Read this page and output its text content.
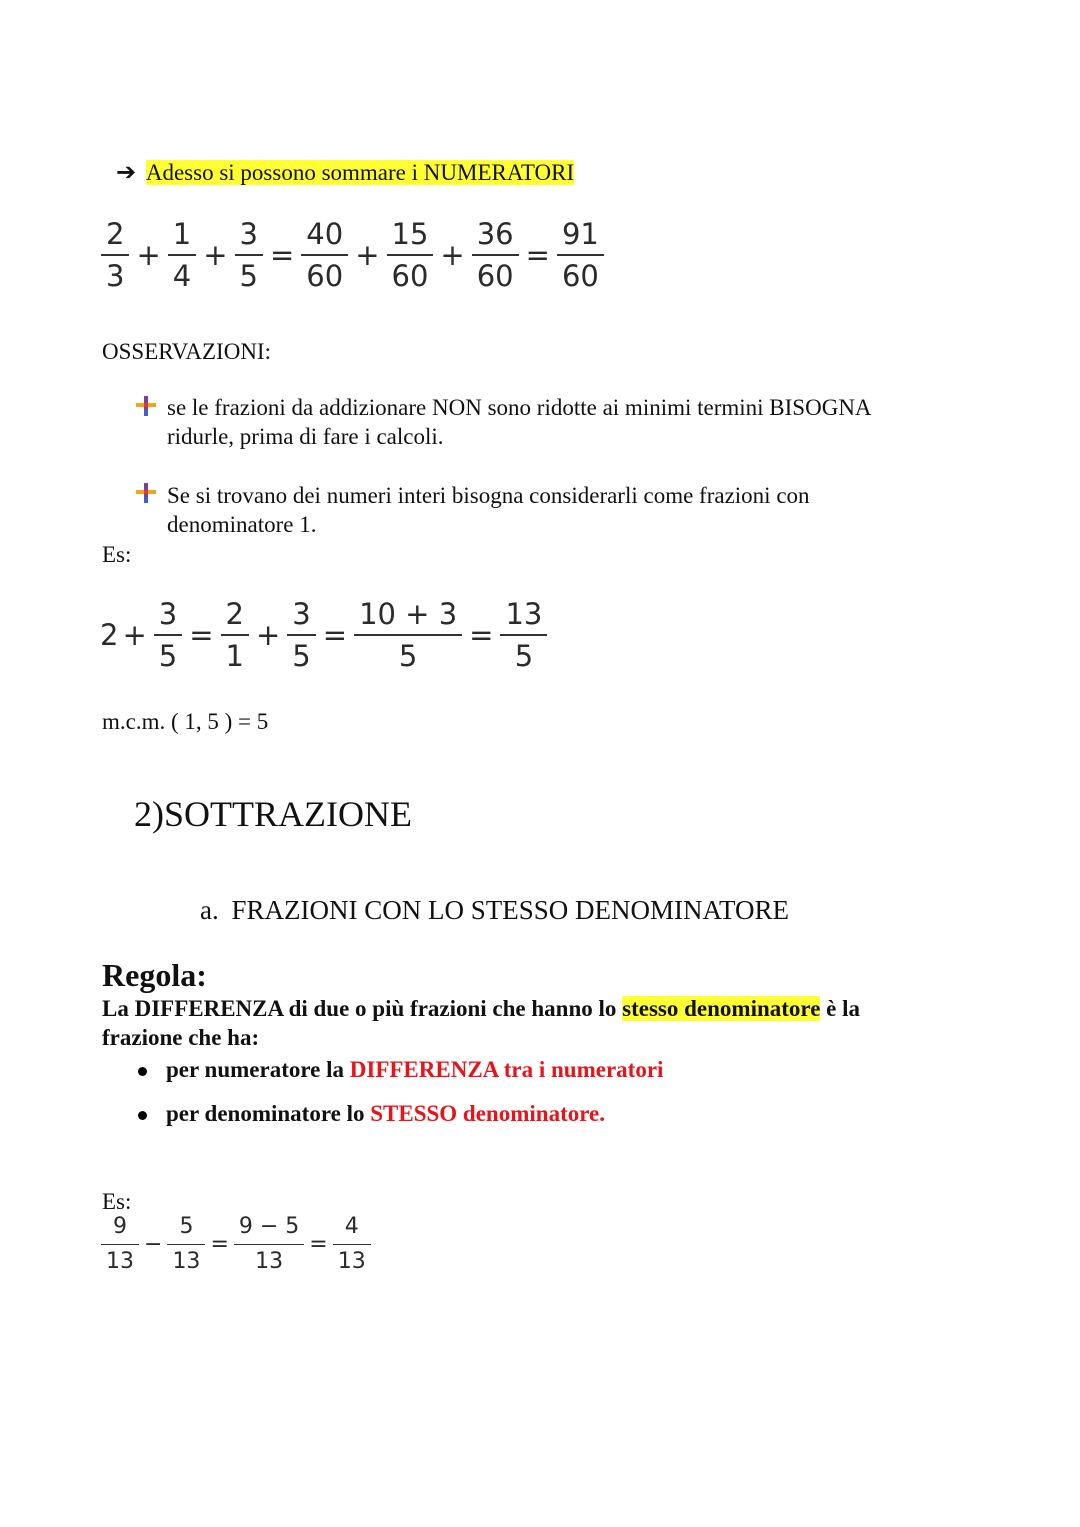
➔ Adesso si possono sommare i NUMERATORI
$\frac{2}{3} + \frac{1}{4} + \frac{3}{5} = \frac{40}{60} + \frac{15}{60} + \frac{36}{60} = \frac{91}{60}$
OSSERVAZIONI:
se le frazioni da addizionare NON sono ridotte ai minimi termini BISOGNA
ridurle, prima di fare i calcoli.
Se si trovano dei numeri interi bisogna considerarli come frazioni con
denominatore 1.
Es:
$2 + \frac{3}{5} = \frac{2}{1} + \frac{3}{5} = \frac{10 + 3}{5} = \frac{13}{5}$
m.c.m. ( 1, 5 ) = 5
2)SOTTRAZIONE
a. FRAZIONI CON LO STESSO DENOMINATORE
Regola:
La DIFFERENZA di due o più frazioni che hanno lo stesso denominatore è la
frazione che ha:
per numeratore la DIFFERENZA tra i numeratori
per denominatore lo STESSO denominatore.
Es:
$\frac{9}{13} - \frac{5}{13} = \frac{9 - 5}{13} = \frac{4}{13}$
